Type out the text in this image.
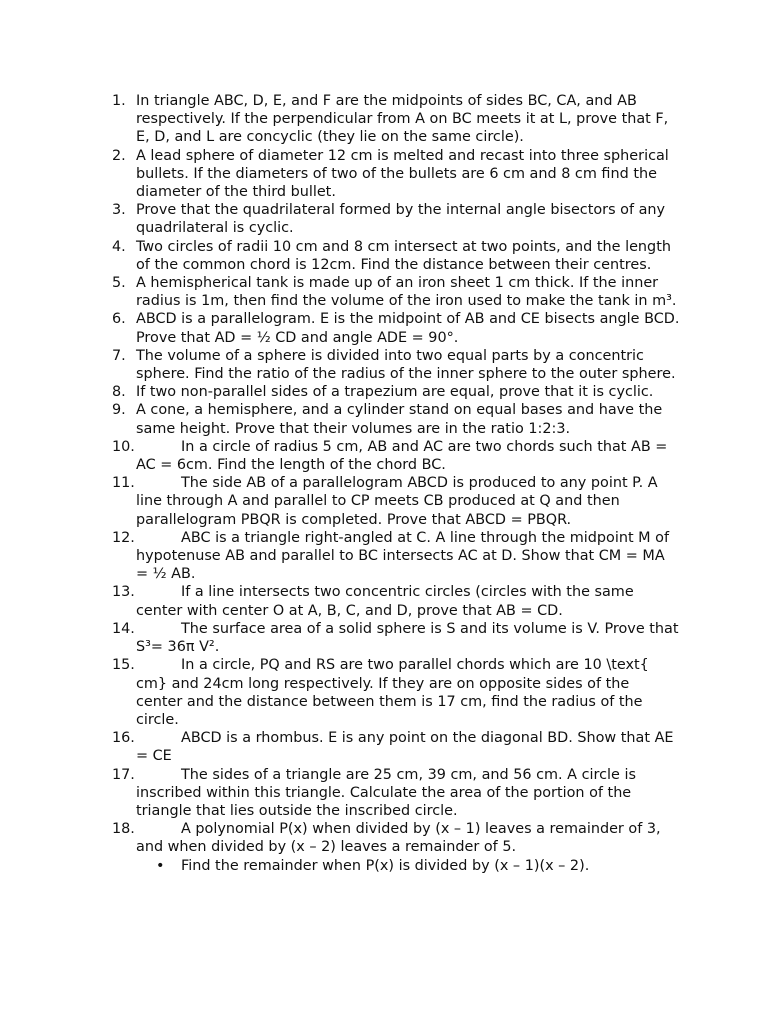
1. In triangle ABC, D, E, and F are the midpoints of sides BC, CA, and AB respectively. If the perpendicular from A on BC meets it at L, prove that F, E, D, and L are concyclic (they lie on the same circle).
2. A lead sphere of diameter 12 cm is melted and recast into three spherical bullets. If the diameters of two of the bullets are 6 cm and 8 cm find the diameter of the third bullet.
3. Prove that the quadrilateral formed by the internal angle bisectors of any quadrilateral is cyclic.
4. Two circles of radii 10 cm and 8 cm intersect at two points, and the length of the common chord is 12cm. Find the distance between their centres.
5. A hemispherical tank is made up of an iron sheet 1 cm thick. If the inner radius is 1m, then find the volume of the iron used to make the tank in m³.
6. ABCD is a parallelogram. E is the midpoint of AB and CE bisects angle BCD. Prove that AD = ½ CD and angle ADE = 90°.
7. The volume of a sphere is divided into two equal parts by a concentric sphere. Find the ratio of the radius of the inner sphere to the outer sphere.
8. If two non-parallel sides of a trapezium are equal, prove that it is cyclic.
9. A cone, a hemisphere, and a cylinder stand on equal bases and have the same height. Prove that their volumes are in the ratio 1:2:3.
10.	In a circle of radius 5 cm, AB and AC are two chords such that AB = AC = 6cm. Find the length of the chord BC.
11.	The side AB of a parallelogram ABCD is produced to any point P. A line through A and parallel to CP meets CB produced at Q and then parallelogram PBQR is completed. Prove that ABCD = PBQR.
12.	ABC is a triangle right-angled at C. A line through the midpoint M of hypotenuse AB and parallel to BC intersects AC at D. Show that CM = MA = ½ AB.
13.	If a line intersects two concentric circles (circles with the same center with center O at A, B, C, and D, prove that AB = CD.
14.	The surface area of a solid sphere is S and its volume is V. Prove that S³= 36π V².
15.	In a circle, PQ and RS are two parallel chords which are 10 \text{ cm} and 24cm long respectively. If they are on opposite sides of the center and the distance between them is 17 cm, find the radius of the circle.
16.	ABCD is a rhombus. E is any point on the diagonal BD. Show that AE = CE
17.	The sides of a triangle are 25 cm, 39 cm, and 56 cm. A circle is inscribed within this triangle. Calculate the area of the portion of the triangle that lies outside the inscribed circle.
18.	A polynomial P(x) when divided by (x – 1) leaves a remainder of 3, and when divided by (x – 2) leaves a remainder of 5.
• Find the remainder when P(x) is divided by (x – 1)(x – 2).
